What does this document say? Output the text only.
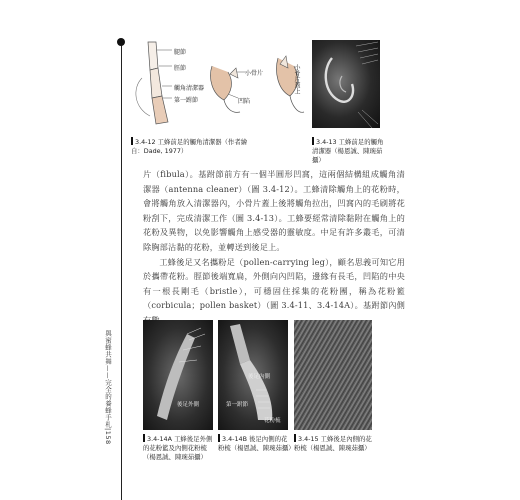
腿節
脛節
觸角清潔器
第一跗節
小骨片
凹陷
小骨片蓋上
3.4-12 工蜂前足的觸角清潔器（作者繪自：Dade, 1977）
3.4-13 工蜂前足的觸角清潔器（楊恩誠、陳琬茹攝）

片（fibula）。基跗節前方有一個半圓形凹窩，這兩個結構組成觸角清潔器（antenna cleaner）（圖 3.4-12）。工蜂清除觸角上的花粉時，會將觸角放入清潔器內，小骨片蓋上後將觸角拉出，凹窩內的毛刷將花粉刮下，完成清潔工作（圖 3.4-13）。工蜂要經常清除黏附在觸角上的花粉及異物，以免影響觸角上感受器的靈敏度。中足有許多叢毛，可清除胸部沾黏的花粉，並轉送到後足上。

工蜂後足又名攜粉足（pollen-carrying leg），顧名思義可知它用於攜帶花粉。脛節後端寬扁，外側向內凹陷，邊緣有長毛，凹陷的中央有一根長剛毛（bristle），可穩固住採集的花粉團，稱為花粉籃（corbicula；pollen basket）（圖 3.4-11、3.4-14A）。基跗節內側

與蜜蜂共舞——完全的養蜂手札|158	後足外側
3.4-14A 工蜂後足外側的花粉籃及內側花粉梳（楊恩誠、陳琬茹攝）
後足內側
第一跗節
花粉梳
3.4-14B 後足內側的花粉梳（楊恩誠、陳琬茹攝）
3.4-15 工蜂後足內側的花粉梳（楊恩誠、陳琬茹攝）
